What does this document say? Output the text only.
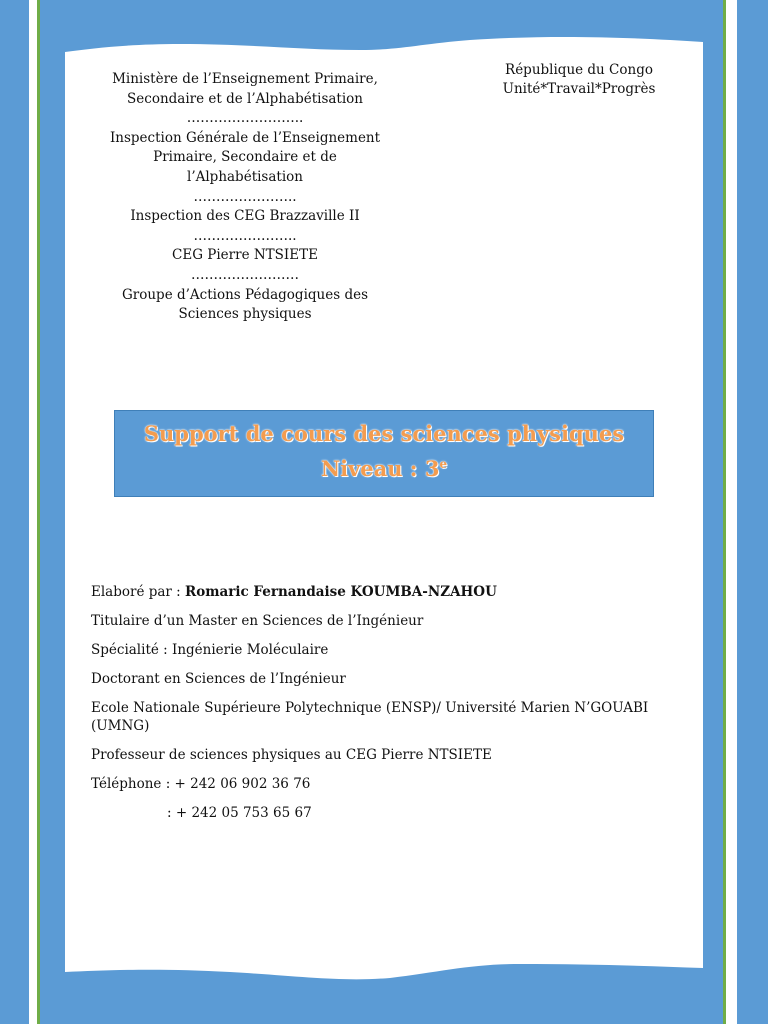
Ministère de l’Enseignement Primaire,
Secondaire et de l’Alphabétisation
……………………..
Inspection Générale de l’Enseignement
Primaire, Secondaire et de
l’Alphabétisation
…………………..
Inspection des CEG Brazzaville II
…………………..
CEG Pierre NTSIETE
……………………
Groupe d’Actions Pédagogiques des
Sciences physiques
République du Congo
Unité*Travail*Progrès
Support de cours des sciences physiques
Niveau : 3e

Elaboré par : Romaric Fernandaise KOUMBA-NZAHOU

Titulaire d’un Master en Sciences de l’Ingénieur

Spécialité : Ingénierie Moléculaire

Doctorant en Sciences de l’Ingénieur

Ecole Nationale Supérieure Polytechnique (ENSP)/ Université Marien N’GOUABI (UMNG)

Professeur de sciences physiques au CEG Pierre NTSIETE

Téléphone : + 242 06 902 36 76

: + 242 05 753 65 67
